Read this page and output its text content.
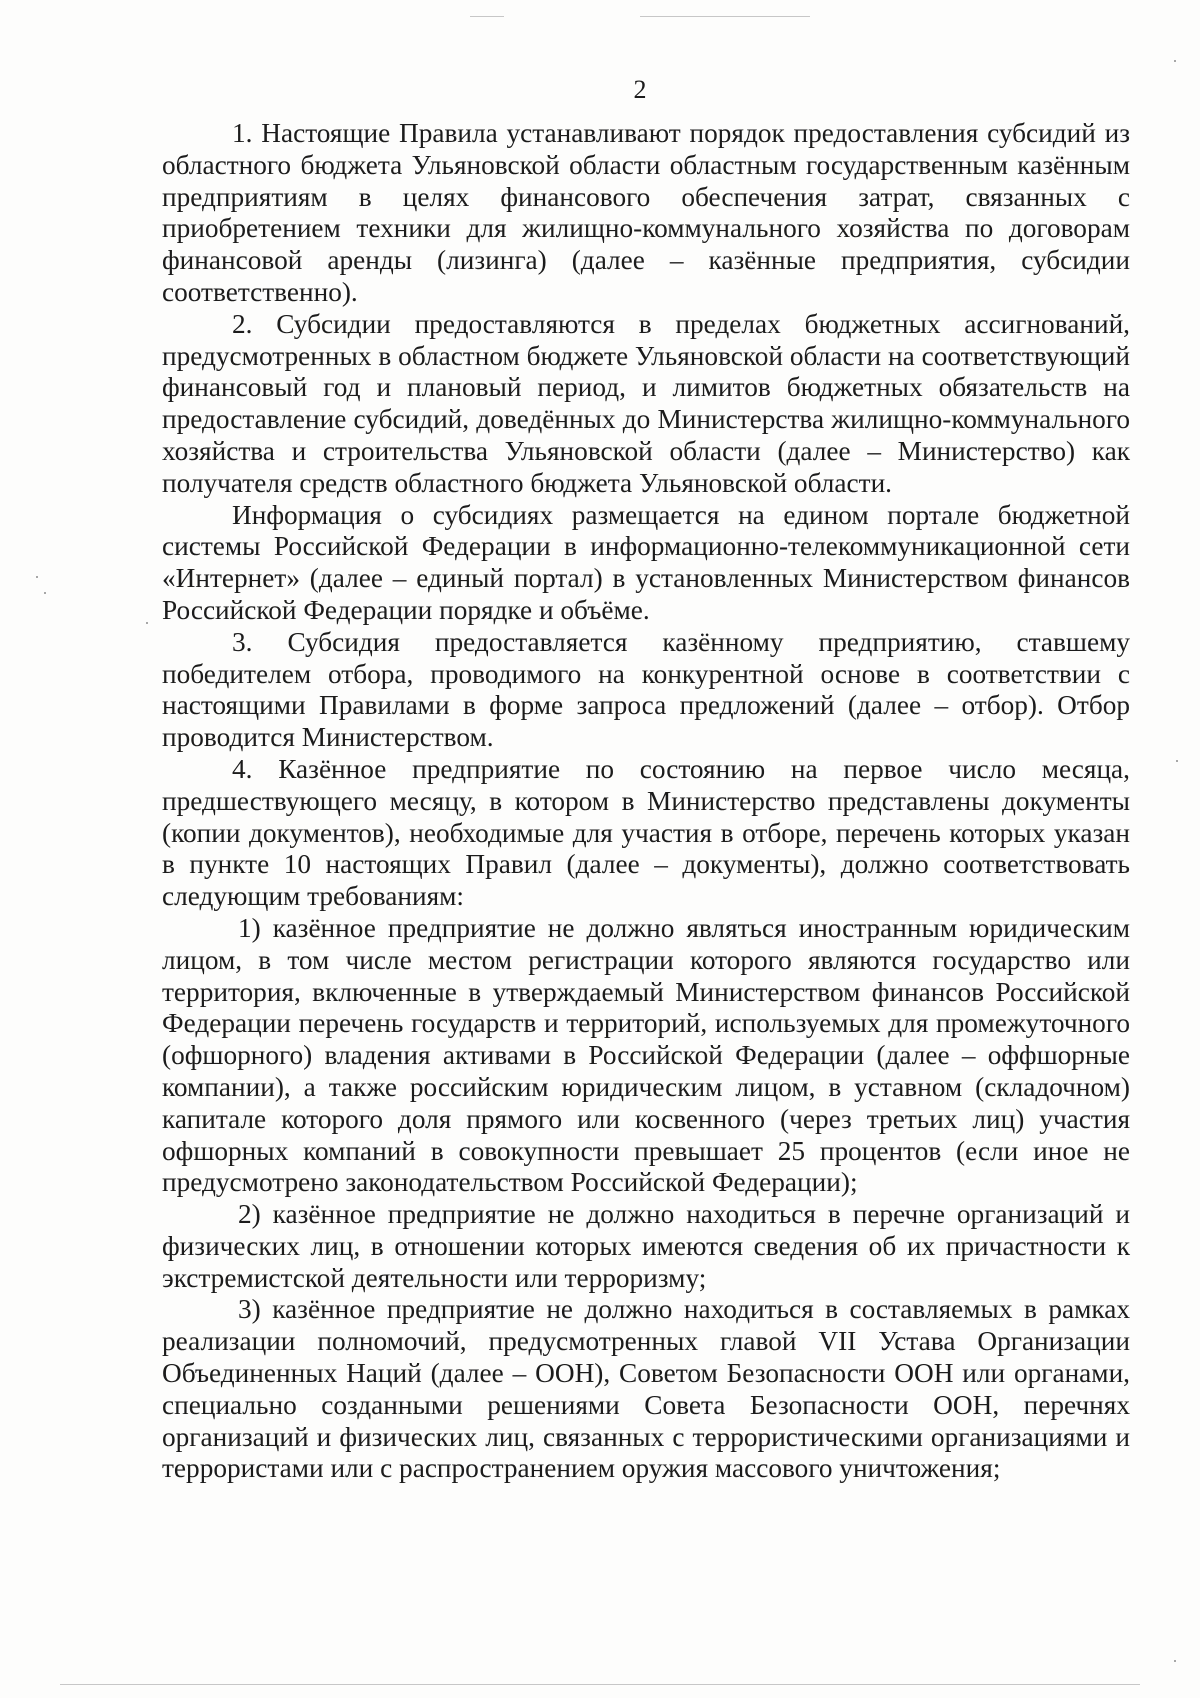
2

1. Настоящие Правила устанавливают порядок предоставления субсидий из областного бюджета Ульяновской области областным государственным казённым предприятиям в целях финансового обеспечения затрат, связанных с приобретением техники для жилищно-коммунального хозяйства по договорам финансовой аренды (лизинга) (далее – казённые предприятия, субсидии соответственно).

2. Субсидии предоставляются в пределах бюджетных ассигнований, предусмотренных в областном бюджете Ульяновской области на соответствующий финансовый год и плановый период, и лимитов бюджетных обязательств на предоставление субсидий, доведённых до Министерства жилищно-коммунального хозяйства и строительства Ульяновской области (далее – Министерство) как получателя средств областного бюджета Ульяновской области.

Информация о субсидиях размещается на едином портале бюджетной системы Российской Федерации в информационно-телекоммуникационной сети «Интернет» (далее – единый портал) в установленных Министерством финансов Российской Федерации порядке и объёме.

3. Субсидия предоставляется казённому предприятию, ставшему победителем отбора, проводимого на конкурентной основе в соответствии с настоящими Правилами в форме запроса предложений (далее – отбор). Отбор проводится Министерством.

4. Казённое предприятие по состоянию на первое число месяца, предшествующего месяцу, в котором в Министерство представлены документы (копии документов), необходимые для участия в отборе, перечень которых указан в пункте 10 настоящих Правил (далее – документы), должно соответствовать следующим требованиям:

1) казённое предприятие не должно являться иностранным юридическим лицом, в том числе местом регистрации которого являются государство или территория, включенные в утверждаемый Министерством финансов Российской Федерации перечень государств и территорий, используемых для промежуточного (офшорного) владения активами в Российской Федерации (далее – оффшорные компании), а также российским юридическим лицом, в уставном (складочном) капитале которого доля прямого или косвенного (через третьих лиц) участия офшорных компаний в совокупности превышает 25 процентов (если иное не предусмотрено законодательством Российской Федерации);

2) казённое предприятие не должно находиться в перечне организаций и физических лиц, в отношении которых имеются сведения об их причастности к экстремистской деятельности или терроризму;

3) казённое предприятие не должно находиться в составляемых в рамках реализации полномочий, предусмотренных главой VII Устава Организации Объединенных Наций (далее – ООН), Советом Безопасности ООН или органами, специально созданными решениями Совета Безопасности ООН, перечнях организаций и физических лиц, связанных с террористическими организациями и террористами или с распространением оружия массового уничтожения;
